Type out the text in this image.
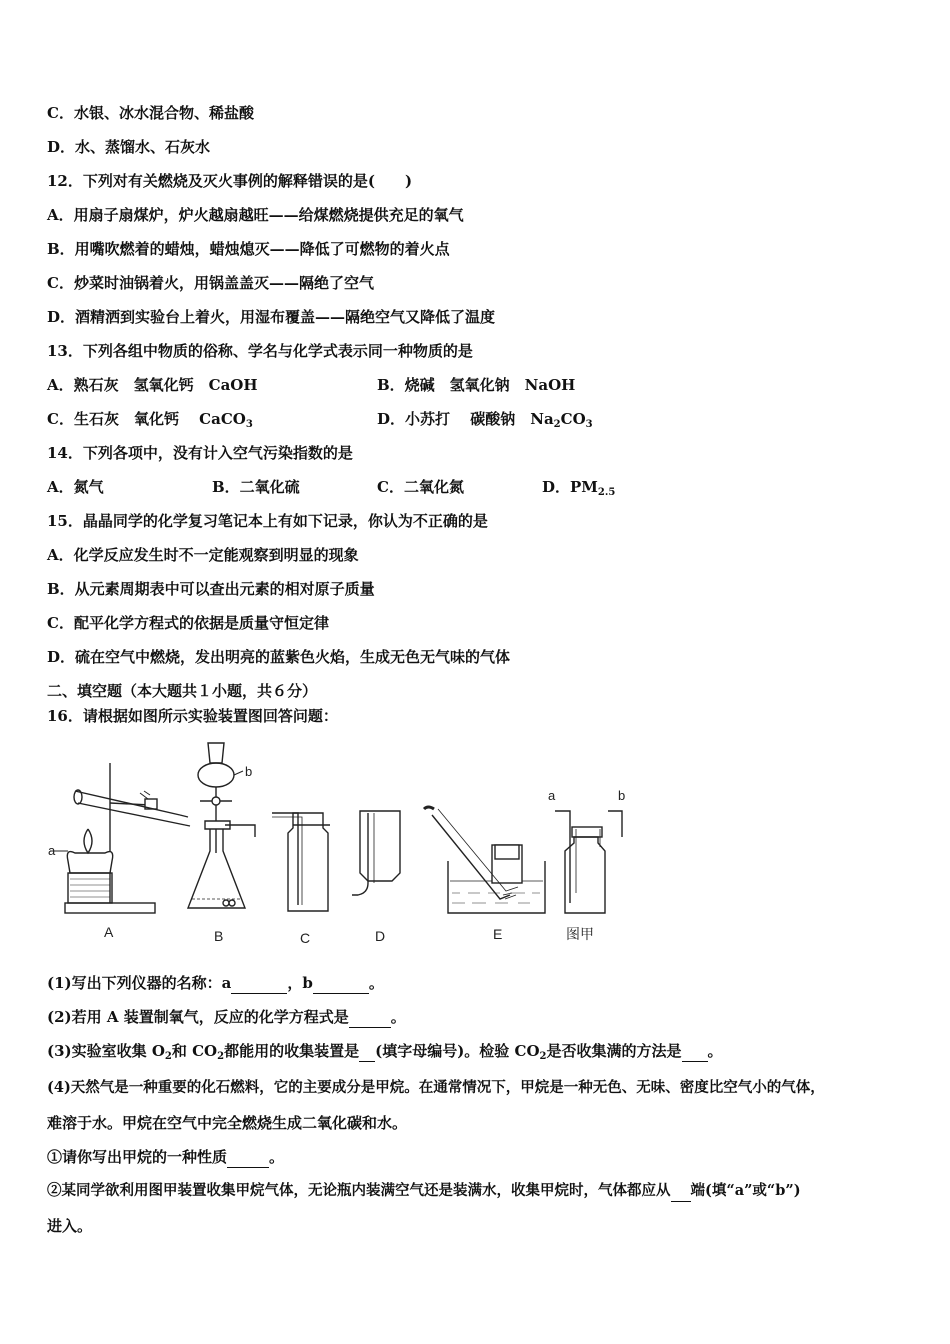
C．水银、冰水混合物、稀盐酸
D．水、蒸馏水、石灰水
12．下列对有关燃烧及灭火事例的解释错误的是(　　)
A．用扇子扇煤炉，炉火越扇越旺——给煤燃烧提供充足的氧气
B．用嘴吹燃着的蜡烛，蜡烛熄灭——降低了可燃物的着火点
C．炒菜时油锅着火，用锅盖盖灭——隔绝了空气
D．酒精洒到实验台上着火，用湿布覆盖——隔绝空气又降低了温度
13．下列各组中物质的俗称、学名与化学式表示同一种物质的是
A．熟石灰　氢氧化钙　CaOH	B．烧碱　氢氧化钠　NaOH
C．生石灰　氧化钙　 CaCO$_3$	D．小苏打　 碳酸钠　$Na_2CO_3$
14．下列各项中，没有计入空气污染指数的是
A．氮气	B．二氧化硫	C．二氧化氮	D．$PM_{2.5}$
15．晶晶同学的化学复习笔记本上有如下记录，你认为不正确的是
A．化学反应发生时不一定能观察到明显的现象
B．从元素周期表中可以查出元素的相对原子质量
C．配平化学方程式的依据是质量守恒定律
D．硫在空气中燃烧，发出明亮的蓝紫色火焰，生成无色无气味的气体
二、填空题（本大题共１小题，共６分）
16．请根据如图所示实验装置图回答问题：
a
b
a	b
A	B	C	D	E	图甲
(1)写出下列仪器的名称：a	，b	。
(2)若用 A 装置制氧气，反应的化学方程式是	。
(3)实验室收集 $O_2$和 $CO_2$都能用的收集装置是 (填字母编号)。检验 $CO_2$是否收集满的方法是 。
(4)天然气是一种重要的化石燃料，它的主要成分是甲烷。在通常情况下，甲烷是一种无色、无味、密度比空气小的气体，
难溶于水。甲烷在空气中完全燃烧生成二氧化碳和水。
①请你写出甲烷的一种性质	。
②某同学欲利用图甲装置收集甲烷气体，无论瓶内装满空气还是装满水，收集甲烷时，气体都应从 端(填“a”或“b”)
进入。
